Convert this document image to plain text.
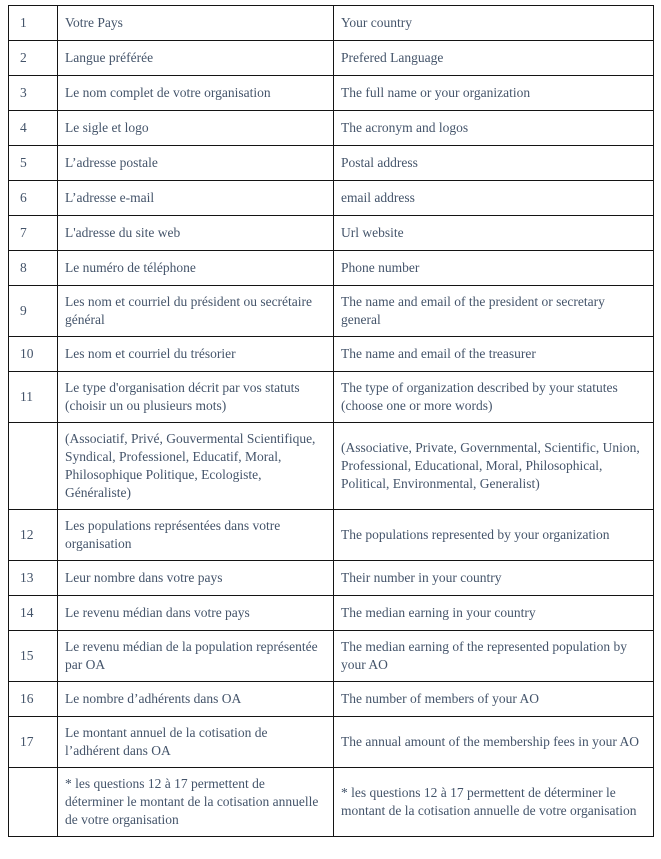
1	Votre Pays	Your country
2	Langue préférée	Prefered Language
3	Le nom complet de votre organisation	The full name or your organization
4	Le sigle et logo	The acronym and logos
5	L’adresse postale	Postal address
6	L’adresse e-mail	email address
7	L'adresse du site web	Url website
8	Le numéro de téléphone	Phone number
9	Les nom et courriel du président ou secrétaire général	The name and email of the president or secretary general
10	Les nom et courriel du trésorier	The name and email of the treasurer
11	Le type d'organisation décrit par vos statuts (choisir un ou plusieurs mots)	The type of organization described by your statutes (choose one or more words)
	(Associatif, Privé, Gouvermental Scientifique, Syndical, Professionel, Educatif, Moral, Philosophique Politique, Ecologiste, Généraliste)	(Associative, Private, Governmental, Scientific, Union, Professional, Educational, Moral, Philosophical, Political, Environmental, Generalist)
12	Les populations représentées dans votre organisation	The populations represented by your organization
13	Leur nombre dans votre pays	Their number in your country
14	Le revenu médian dans votre pays	The median earning in your country
15	Le revenu médian de la population représentée par OA	The median earning of the represented population by your AO
16	Le nombre d’adhérents dans OA	The number of members of your AO
17	Le montant annuel de la cotisation de l’adhérent dans OA	The annual amount of the membership fees in your AO
	* les questions 12 à 17 permettent de déterminer le montant de la cotisation annuelle de votre organisation	* les questions 12 à 17 permettent de déterminer le montant de la cotisation annuelle de votre organisation
